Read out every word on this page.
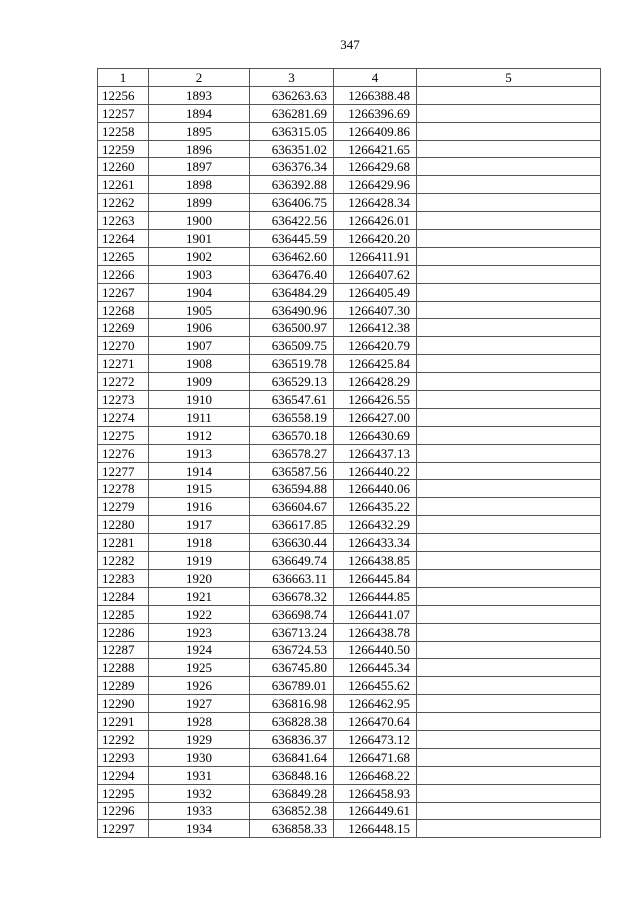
347
1	2	3	4	5
12256	1893	636263.63	1266388.48	
12257	1894	636281.69	1266396.69	
12258	1895	636315.05	1266409.86	
12259	1896	636351.02	1266421.65	
12260	1897	636376.34	1266429.68	
12261	1898	636392.88	1266429.96	
12262	1899	636406.75	1266428.34	
12263	1900	636422.56	1266426.01	
12264	1901	636445.59	1266420.20	
12265	1902	636462.60	1266411.91	
12266	1903	636476.40	1266407.62	
12267	1904	636484.29	1266405.49	
12268	1905	636490.96	1266407.30	
12269	1906	636500.97	1266412.38	
12270	1907	636509.75	1266420.79	
12271	1908	636519.78	1266425.84	
12272	1909	636529.13	1266428.29	
12273	1910	636547.61	1266426.55	
12274	1911	636558.19	1266427.00	
12275	1912	636570.18	1266430.69	
12276	1913	636578.27	1266437.13	
12277	1914	636587.56	1266440.22	
12278	1915	636594.88	1266440.06	
12279	1916	636604.67	1266435.22	
12280	1917	636617.85	1266432.29	
12281	1918	636630.44	1266433.34	
12282	1919	636649.74	1266438.85	
12283	1920	636663.11	1266445.84	
12284	1921	636678.32	1266444.85	
12285	1922	636698.74	1266441.07	
12286	1923	636713.24	1266438.78	
12287	1924	636724.53	1266440.50	
12288	1925	636745.80	1266445.34	
12289	1926	636789.01	1266455.62	
12290	1927	636816.98	1266462.95	
12291	1928	636828.38	1266470.64	
12292	1929	636836.37	1266473.12	
12293	1930	636841.64	1266471.68	
12294	1931	636848.16	1266468.22	
12295	1932	636849.28	1266458.93	
12296	1933	636852.38	1266449.61	
12297	1934	636858.33	1266448.15	
